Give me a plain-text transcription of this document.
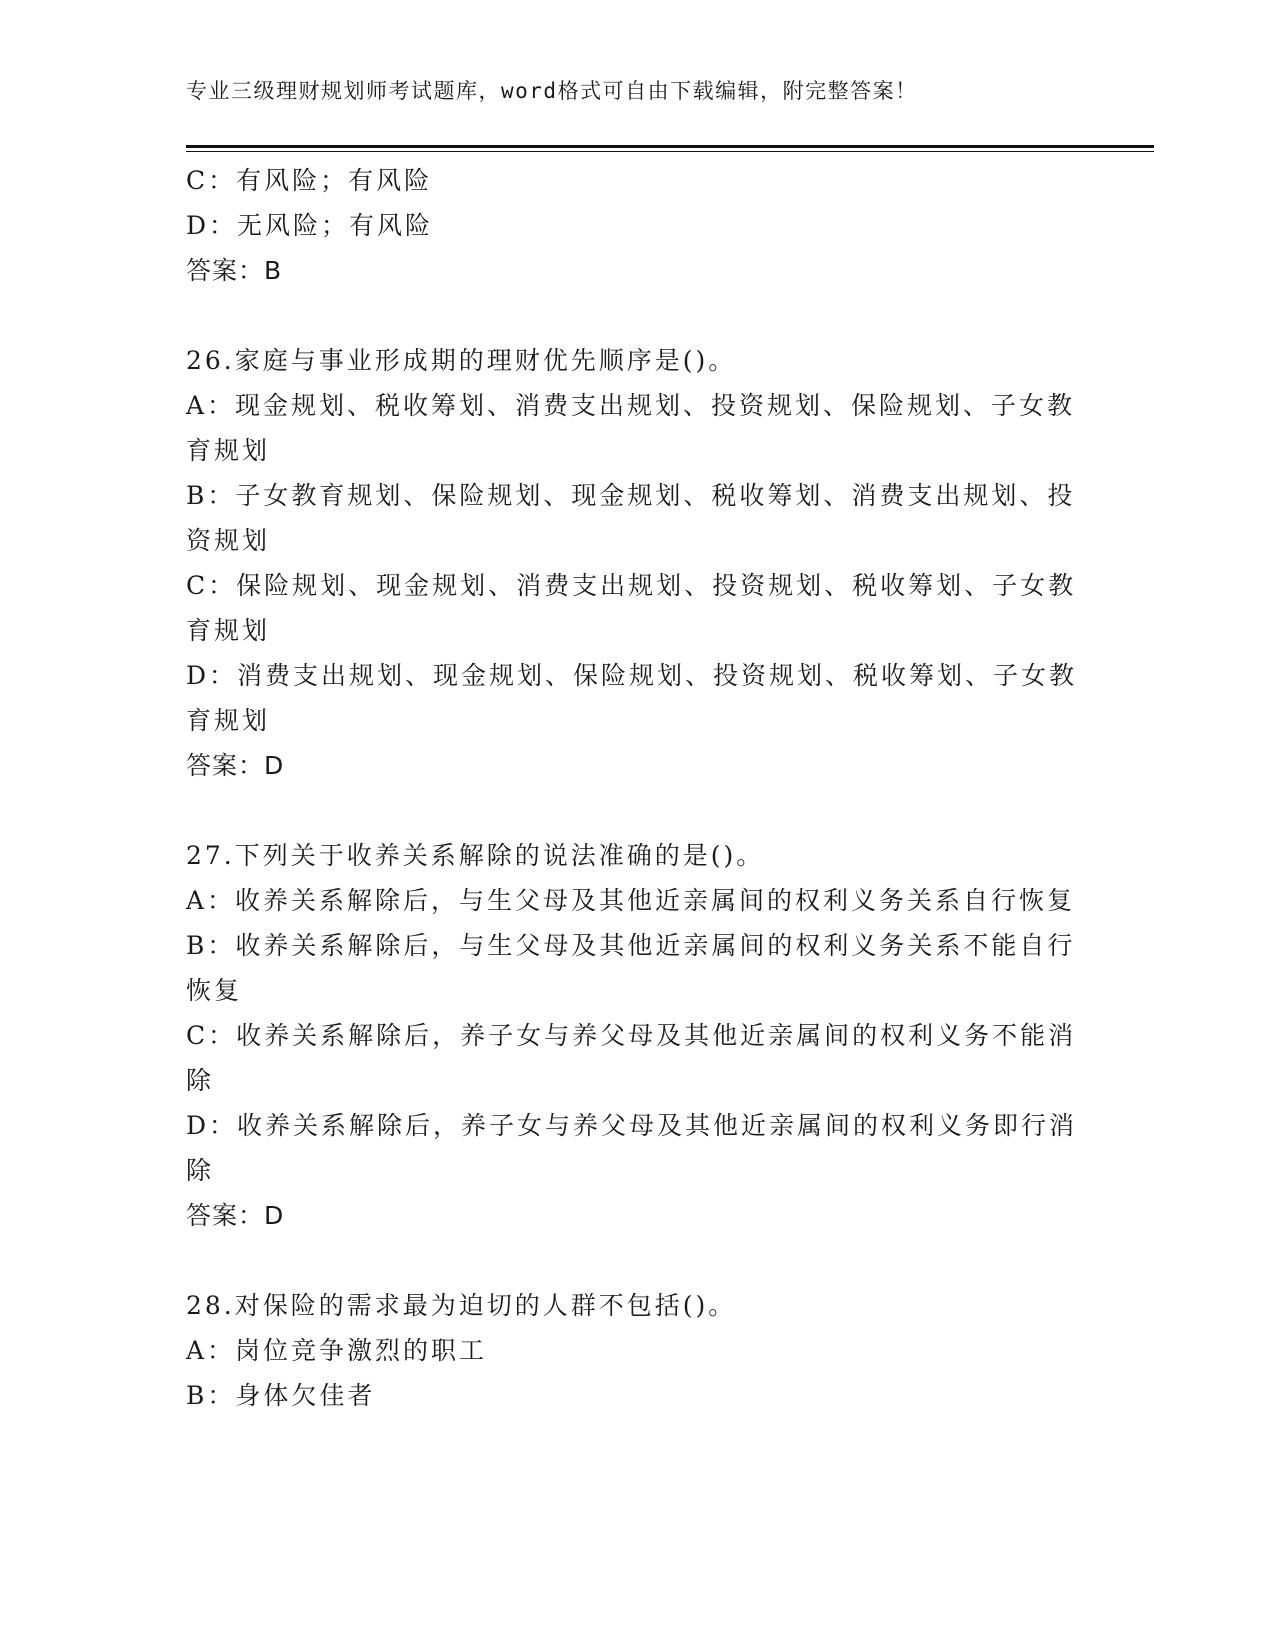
专业三级理财规划师考试题库，word格式可自由下载编辑，附完整答案！
C：有风险；有风险
D：无风险；有风险
答案：B
26.家庭与事业形成期的理财优先顺序是()。
A：现金规划、税收筹划、消费支出规划、投资规划、保险规划、子女教育规划
B：子女教育规划、保险规划、现金规划、税收筹划、消费支出规划、投资规划
C：保险规划、现金规划、消费支出规划、投资规划、税收筹划、子女教育规划
D：消费支出规划、现金规划、保险规划、投资规划、税收筹划、子女教育规划
答案：D
27.下列关于收养关系解除的说法准确的是()。
A：收养关系解除后，与生父母及其他近亲属间的权利义务关系自行恢复
B：收养关系解除后，与生父母及其他近亲属间的权利义务关系不能自行恢复
C：收养关系解除后，养子女与养父母及其他近亲属间的权利义务不能消除
D：收养关系解除后，养子女与养父母及其他近亲属间的权利义务即行消除
答案：D
28.对保险的需求最为迫切的人群不包括()。
A：岗位竞争激烈的职工
B：身体欠佳者
